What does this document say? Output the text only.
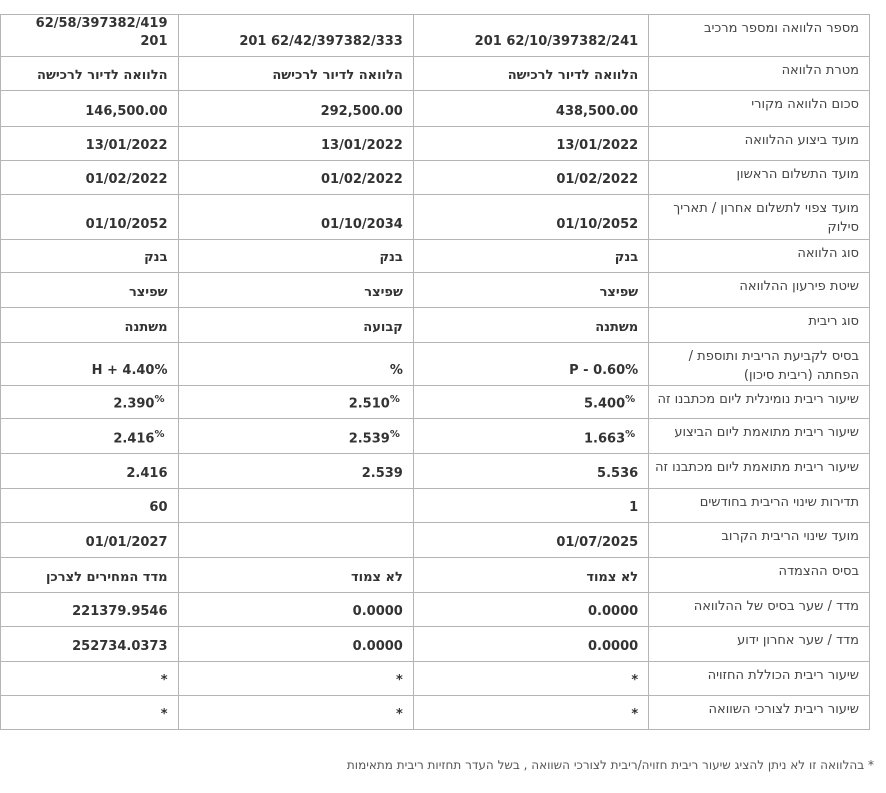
מספר הלוואה ומספר מרכיב	62/10/397382/241 201	62/42/397382/333 201	62/58/397382/419 201
מטרת הלוואה	הלוואה לדיור לרכישה	הלוואה לדיור לרכישה	הלוואה לדיור לרכישה
סכום הלוואה מקורי	438,500.00	292,500.00	146,500.00
מועד ביצוע ההלוואה	13/01/2022	13/01/2022	13/01/2022
מועד התשלום הראשון	01/02/2022	01/02/2022	01/02/2022
מועד צפוי לתשלום אחרון / תאריך סילוק	01/10/2052	01/10/2034	01/10/2052
סוג הלוואה	בנק	בנק	בנק
שיטת פירעון ההלוואה	שפיצר	שפיצר	שפיצר
סוג ריבית	משתנה	קבועה	משתנה
בסיס לקביעת הריבית ותוספת / הפחתה (ריבית סיכון)	P - 0.60%	%	H + 4.40%
שיעור ריבית נומינלית ליום מכתבנו זה	5.400%	2.510%	2.390%
שיעור ריבית מתואמת ליום הביצוע	1.663%	2.539%	2.416%
שיעור ריבית מתואמת ליום מכתבנו זה	5.536	2.539	2.416
תדירות שינוי הריבית בחודשים	1		60
מועד שינוי הריבית הקרוב	01/07/2025		01/01/2027
בסיס ההצמדה	לא צמוד	לא צמוד	מדד המחירים לצרכן
מדד / שער בסיס של ההלוואה	0.0000	0.0000	221379.9546
מדד / שער אחרון ידוע	0.0000	0.0000	252734.0373
שיעור ריבית הכוללת החזויה	*	*	*
שיעור ריבית לצורכי השוואה	*	*	*
* בהלוואה זו לא ניתן להציג שיעור ריבית חזויה/ריבית לצורכי השוואה , בשל העדר תחזיות ריבית מתאימות
